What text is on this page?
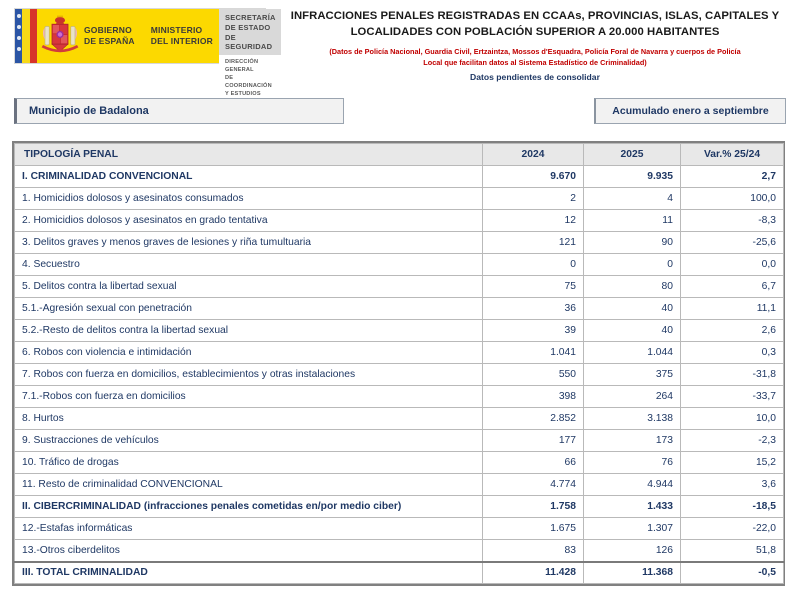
GOBIERNO
DE ESPAÑA
MINISTERIO
DEL INTERIOR
SECRETARÍA
DE ESTADO
DE SEGURIDAD
DIRECCIÓN GENERAL
DE COORDINACIÓN
Y ESTUDIOS
INFRACCIONES PENALES REGISTRADAS EN CCAAs, PROVINCIAS, ISLAS, CAPITALES Y
LOCALIDADES CON POBLACIÓN SUPERIOR A 20.000 HABITANTES
(Datos de Policía Nacional, Guardia Civil, Ertzaintza, Mossos d'Esquadra, Policía Foral de Navarra y cuerpos de Policía
Local que facilitan datos al Sistema Estadístico de Criminalidad)
Datos pendientes de consolidar
Municipio de Badalona	Acumulado enero a septiembre
TIPOLOGÍA PENAL	2024	2025	Var.% 25/24
I. CRIMINALIDAD CONVENCIONAL	9.670	9.935	2,7
1. Homicidios dolosos y asesinatos consumados	2	4	100,0
2. Homicidios dolosos y asesinatos en grado tentativa	12	11	-8,3
3. Delitos graves y menos graves de lesiones y riña tumultuaria	121	90	-25,6
4. Secuestro	0	0	0,0
5. Delitos contra la libertad sexual	75	80	6,7
5.1.-Agresión sexual con penetración	36	40	11,1
5.2.-Resto de delitos contra la libertad sexual	39	40	2,6
6. Robos con violencia e intimidación	1.041	1.044	0,3
7. Robos con fuerza en domicilios, establecimientos y otras instalaciones	550	375	-31,8
7.1.-Robos con fuerza en domicilios	398	264	-33,7
8. Hurtos	2.852	3.138	10,0
9. Sustracciones de vehículos	177	173	-2,3
10. Tráfico de drogas	66	76	15,2
11. Resto de criminalidad CONVENCIONAL	4.774	4.944	3,6
II. CIBERCRIMINALIDAD (infracciones penales cometidas en/por medio ciber)	1.758	1.433	-18,5
12.-Estafas informáticas	1.675	1.307	-22,0
13.-Otros ciberdelitos	83	126	51,8
III. TOTAL CRIMINALIDAD	11.428	11.368	-0,5
